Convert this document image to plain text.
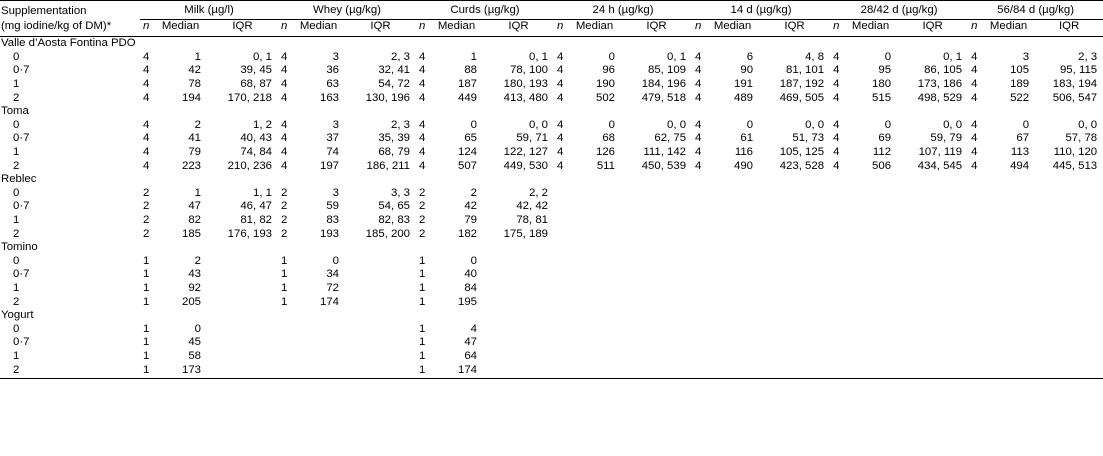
Supplementation	Milk (µg/l)			Whey (µg/kg)			Curds (µg/kg)			24 h (µg/kg)			14 d (µg/kg)			28/42 d (µg/kg)			56/84 d (µg/kg)		
(mg iodine/kg of DM)*	n	Median	IQR	n	Median	IQR	n	Median	IQR	n	Median	IQR	n	Median	IQR	n	Median	IQR	n	Median	IQR
Valle d’Aosta Fontina PDO																					
0	4	1	0, 1	4	3	2, 3	4	1	0, 1	4	0	0, 1	4	6	4, 8	4	0	0, 1	4	3	2, 3
0·7	4	42	39, 45	4	36	32, 41	4	88	78, 100	4	96	85, 109	4	90	81, 101	4	95	86, 105	4	105	95, 115
1	4	78	68, 87	4	63	54, 72	4	187	180, 193	4	190	184, 196	4	191	187, 192	4	180	173, 186	4	189	183, 194
2	4	194	170, 218	4	163	130, 196	4	449	413, 480	4	502	479, 518	4	489	469, 505	4	515	498, 529	4	522	506, 547
Toma																					
0	4	2	1, 2	4	3	2, 3	4	0	0, 0	4	0	0, 0	4	0	0, 0	4	0	0, 0	4	0	0, 0
0·7	4	41	40, 43	4	37	35, 39	4	65	59, 71	4	68	62, 75	4	61	51, 73	4	69	59, 79	4	67	57, 78
1	4	79	74, 84	4	74	68, 79	4	124	122, 127	4	126	111, 142	4	116	105, 125	4	112	107, 119	4	113	110, 120
2	4	223	210, 236	4	197	186, 211	4	507	449, 530	4	511	450, 539	4	490	423, 528	4	506	434, 545	4	494	445, 513
Reblec																					
0	2	1	1, 1	2	3	3, 3	2	2	2, 2												
0·7	2	47	46, 47	2	59	54, 65	2	42	42, 42												
1	2	82	81, 82	2	83	82, 83	2	79	78, 81												
2	2	185	176, 193	2	193	185, 200	2	182	175, 189												
Tomino																					
0	1	2		1	0		1	0													
0·7	1	43		1	34		1	40													
1	1	92		1	72		1	84													
2	1	205		1	174		1	195													
Yogurt																					
0	1	0					1	4													
0·7	1	45					1	47													
1	1	58					1	64													
2	1	173					1	174													
